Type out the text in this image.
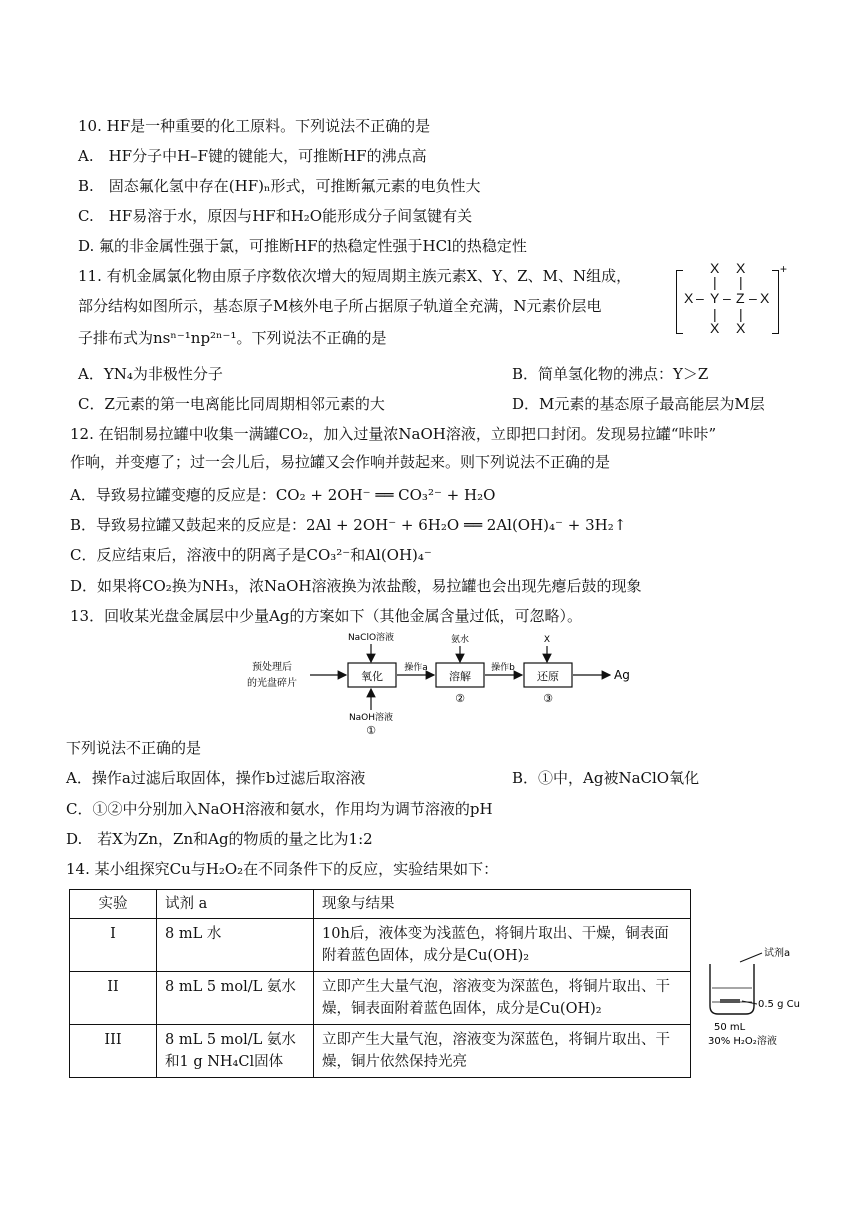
10. HF是一种重要的化工原料。下列说法不正确的是
A.　HF分子中H–F键的键能大，可推断HF的沸点高
B.　固态氟化氢中存在(HF)ₙ形式，可推断氟元素的电负性大
C.　HF易溶于水，原因与HF和H₂O能形成分子间氢键有关
D. 氟的非金属性强于氯，可推断HF的热稳定性强于HCl的热稳定性
11. 有机金属氯化物由原子序数依次增大的短周期主族元素X、Y、Z、M、N组成，
部分结构如图所示，基态原子M核外电子所占据原子轨道全充满，N元素价层电
子排布式为nsⁿ⁻¹np²ⁿ⁻¹。下列说法不正确的是
X X
| |
X – Y – Z – X
| |
X X
+
A．YN₄为非极性分子	B．简单氢化物的沸点：Y＞Z
C．Z元素的第一电离能比同周期相邻元素的大	D．M元素的基态原子最高能层为M层
12. 在铝制易拉罐中收集一满罐CO₂，加入过量浓NaOH溶液，立即把口封闭。发现易拉罐“咔咔”
作响，并变瘪了；过一会儿后，易拉罐又会作响并鼓起来。则下列说法不正确的是
A．导致易拉罐变瘪的反应是：CO₂ + 2OH⁻ ══ CO₃²⁻ + H₂O
B．导致易拉罐又鼓起来的反应是：2Al + 2OH⁻ + 6H₂O ══ 2Al(OH)₄⁻ + 3H₂↑
C．反应结束后，溶液中的阴离子是CO₃²⁻和Al(OH)₄⁻
D．如果将CO₂换为NH₃，浓NaOH溶液换为浓盐酸，易拉罐也会出现先瘪后鼓的现象
13．回收某光盘金属层中少量Ag的方案如下（其他金属含量过低，可忽略）。
预处理后
的光盘碎片
NaClO溶液
氧化
NaOH溶液
①
操作a
氨水
溶解
②
操作b
X
还原
③
Ag
下列说法不正确的是
A．操作a过滤后取固体，操作b过滤后取溶液	B．①中，Ag被NaClO氧化
C．①②中分别加入NaOH溶液和氨水，作用均为调节溶液的pH
D.　若X为Zn，Zn和Ag的物质的量之比为1:2
14. 某小组探究Cu与H₂O₂在不同条件下的反应，实验结果如下：
实验	试剂 a	现象与结果
I	8 mL 水	10h后，液体变为浅蓝色，将铜片取出、干燥，铜表面附着蓝色固体，成分是Cu(OH)₂
II	8 mL 5 mol/L 氨水	立即产生大量气泡，溶液变为深蓝色，将铜片取出、干燥，铜表面附着蓝色固体，成分是Cu(OH)₂
III	8 mL 5 mol/L 氨水和1 g NH₄Cl固体	立即产生大量气泡，溶液变为深蓝色，将铜片取出、干燥，铜片依然保持光亮
试剂a
0.5 g Cu
50 mL
30% H₂O₂溶液
